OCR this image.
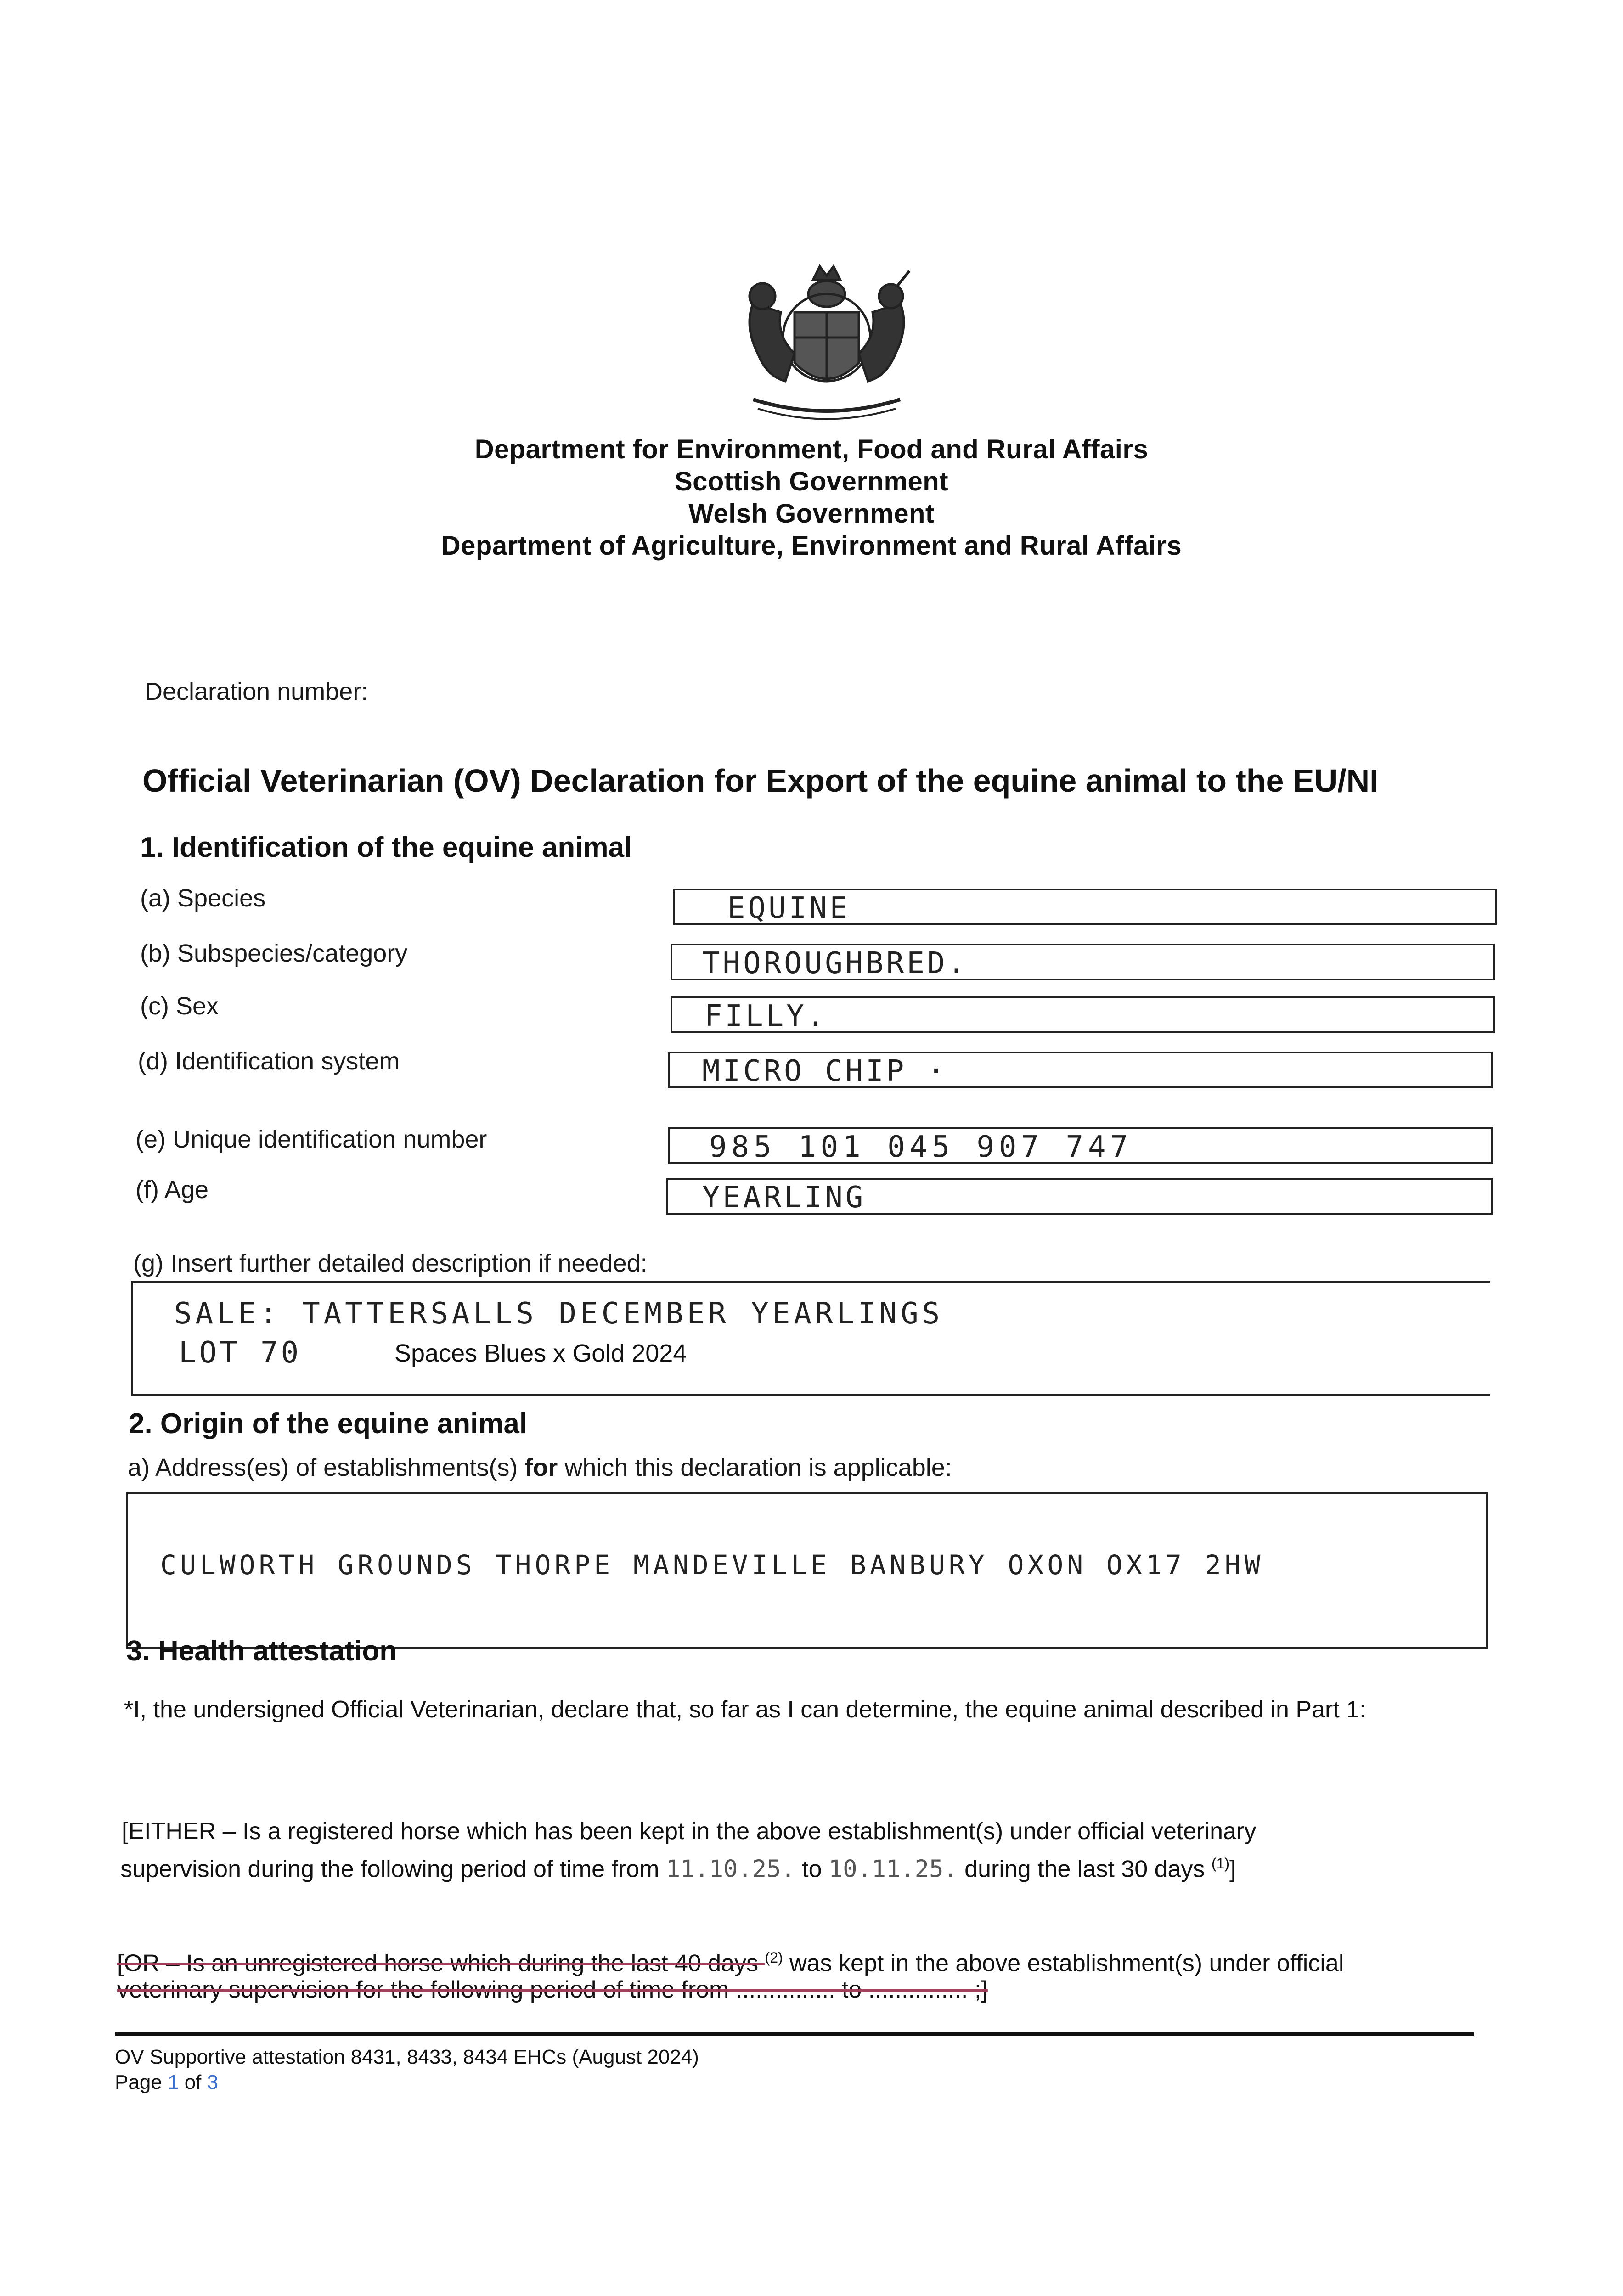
Department for Environment, Food and Rural Affairs
Scottish Government
Welsh Government
Department of Agriculture, Environment and Rural Affairs
Declaration number:
Official Veterinarian (OV) Declaration for Export of the equine animal to the EU/NI
1. Identification of the equine animal
(a) Species
(b) Subspecies/category
(c) Sex
(d) Identification system
(e) Unique identification number
(f) Age
EQUINE
THOROUGHBRED.
FILLY.
MICRO CHIP ·
985 101 045 907 747
YEARLING
(g) Insert further detailed description if needed:
SALE: TATTERSALLS DECEMBER YEARLINGS
LOT 70	Spaces Blues x Gold 2024
2. Origin of the equine animal
a) Address(es) of establishments(s) for which this declaration is applicable:
CULWORTH GROUNDS THORPE MANDEVILLE BANBURY OXON OX17 2HW
3. Health attestation
*I, the undersigned Official Veterinarian, declare that, so far as I can determine, the equine animal described in Part 1:
[EITHER – Is a registered horse which has been kept in the above establishment(s) under official veterinary
supervision during the following period of time from 11.10.25. to 10.11.25. during the last 30 days $^{(1)}$]
[OR – Is an unregistered horse which during the last 40 days $^{(2)}$ was kept in the above establishment(s) under official
veterinary supervision for the following period of time from ............... to ............... ;]
OV Supportive attestation 8431, 8433, 8434 EHCs (August 2024)
Page 1 of 3
